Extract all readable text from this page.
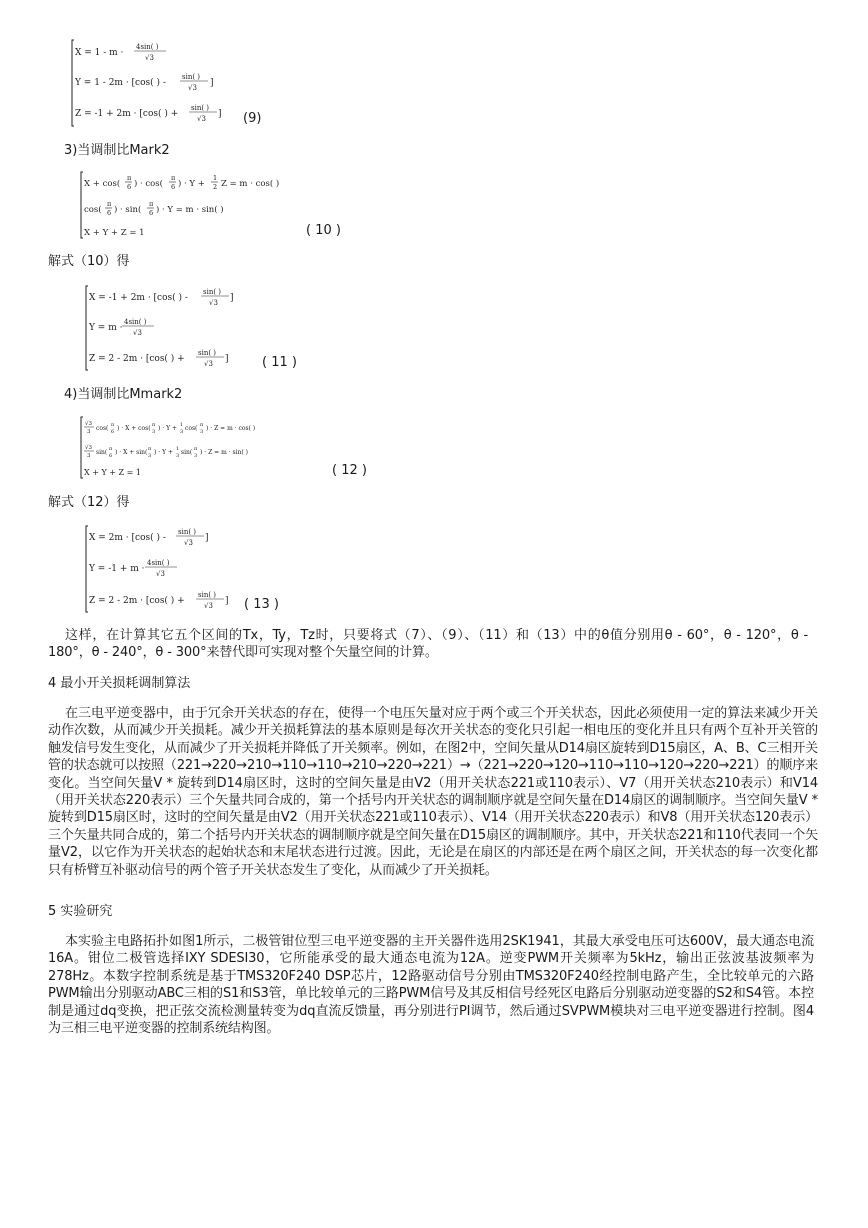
X = 1 - m ·
4sin( )
√3
Y = 1 - 2m · [cos( ) -
sin( )
√3 ]
Z = -1 + 2m · [cos( ) +
sin( )
√3 ] (9)
3)当调制比Mark2
X + cos(
π
6 ) · cos(
π
6 ) · Y +
1
2 Z = m · cos( )
cos(
π
6 ) · sin(
π
6 ) · Y = m · sin( )
X + Y + Z = 1	( 10 )
解式（10）得
X = -1 + 2m · [cos( ) -
sin( )
√3 ]
Y = m ·
4sin( )
√3
Z = 2 - 2m · [cos( ) +
sin( )
√3 ]	( 11 )
4)当调制比Mmark2
√3
3 cos( π
6 ) · X + cos( π
3 ) · Y + 1
3 cos( π
3 ) · Z = m · cos( )
√3
3 sin( π
6 ) · X + sin( π
3 ) · Y + 1
3 sin( π
3 ) · Z = m · sin( )
X + Y + Z = 1	( 12 )
解式（12）得
X = 2m · [cos( ) -
sin( )
√3 ]
Y = -1 + m ·
4sin( )
√3
Z = 2 - 2m · [cos( ) +
sin( )
√3 ] ( 13 )
这样，在计算其它五个区间的Tx，Ty，Tz时，只要将式（7）、（9）、（11）和（13）中的θ值分别用θ - 60°，θ - 120°，θ - 180°，θ - 240°，θ - 300°来替代即可实现对整个矢量空间的计算。
4 最小开关损耗调制算法
在三电平逆变器中，由于冗余开关状态的存在，使得一个电压矢量对应于两个或三个开关状态，因此必须使用一定的算法来减少开关动作次数，从而减少开关损耗。减少开关损耗算法的基本原则是每次开关状态的变化只引起一相电压的变化并且只有两个互补开关管的触发信号发生变化，从而减少了开关损耗并降低了开关频率。例如，在图2中，空间矢量从D14扇区旋转到D15扇区，A、B、C三相开关管的状态就可以按照（221→220→210→110→110→210→220→221）→（221→220→120→110→110→120→220→221）的顺序来变化。当空间矢量V * 旋转到D14扇区时，这时的空间矢量是由V2（用开关状态221或110表示）、V7（用开关状态210表示）和V14（用开关状态220表示）三个矢量共同合成的，第一个括号内开关状态的调制顺序就是空间矢量在D14扇区的调制顺序。当空间矢量V * 旋转到D15扇区时，这时的空间矢量是由V2（用开关状态221或110表示）、V14（用开关状态220表示）和V8（用开关状态120表示）三个矢量共同合成的，第二个括号内开关状态的调制顺序就是空间矢量在D15扇区的调制顺序。其中，开关状态221和110代表同一个矢量V2，以它作为开关状态的起始状态和末尾状态进行过渡。因此，无论是在扇区的内部还是在两个扇区之间，开关状态的每一次变化都只有桥臂互补驱动信号的两个管子开关状态发生了变化，从而减少了开关损耗。
5 实验研究
本实验主电路拓扑如图1所示，二极管钳位型三电平逆变器的主开关器件选用2SK1941，其最大承受电压可达600V，最大通态电流16A。钳位二极管选择IXY SDESI30，它所能承受的最大通态电流为12A。逆变PWM开关频率为5kHz，输出正弦波基波频率为278Hz。本数字控制系统是基于TMS320F240 DSP芯片，12路驱动信号分别由TMS320F240经控制电路产生，全比较单元的六路PWM输出分别驱动ABC三相的S1和S3管，单比较单元的三路PWM信号及其反相信号经死区电路后分别驱动逆变器的S2和S4管。本控制是通过dq变换，把正弦交流检测量转变为dq直流反馈量，再分别进行PI调节，然后通过SVPWM模块对三电平逆变器进行控制。图4为三相三电平逆变器的控制系统结构图。
